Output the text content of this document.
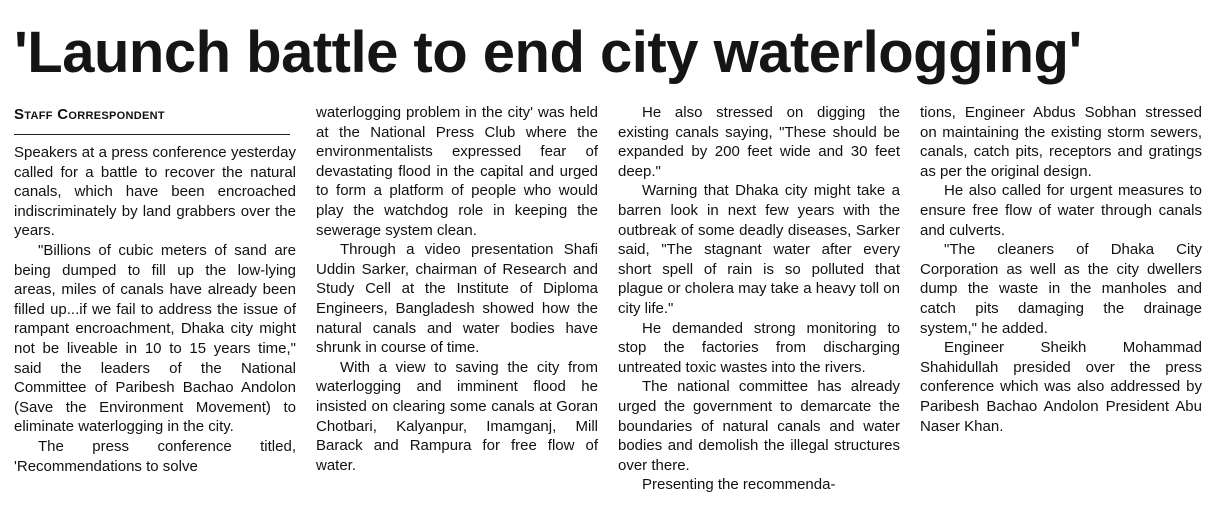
'Launch battle to end city waterlogging'
Staff Correspondent

Speakers at a press conference yesterday called for a battle to recover the natural canals, which have been encroached indiscriminately by land grabbers over the years.

"Billions of cubic meters of sand are being dumped to fill up the low-lying areas, miles of canals have already been filled up...if we fail to address the issue of rampant encroachment, Dhaka city might not be liveable in 10 to 15 years time," said the leaders of the National Committee of Paribesh Bachao Andolon (Save the Environment Movement) to eliminate waterlogging in the city.

The press conference titled, 'Recommendations to solve

waterlogging problem in the city' was held at the National Press Club where the environmentalists expressed fear of devastating flood in the capital and urged to form a platform of people who would play the watchdog role in keeping the sewerage system clean.

Through a video presentation Shafi Uddin Sarker, chairman of Research and Study Cell at the Institute of Diploma Engineers, Bangladesh showed how the natural canals and water bodies have shrunk in course of time.

With a view to saving the city from waterlogging and imminent flood he insisted on clearing some canals at Goran Chotbari, Kalyanpur, Imamganj, Mill Barack and Rampura for free flow of water.

He also stressed on digging the existing canals saying, "These should be expanded by 200 feet wide and 30 feet deep."

Warning that Dhaka city might take a barren look in next few years with the outbreak of some deadly diseases, Sarker said, "The stagnant water after every short spell of rain is so polluted that plague or cholera may take a heavy toll on city life."

He demanded strong monitoring to stop the factories from discharging untreated toxic wastes into the rivers.

The national committee has already urged the government to demarcate the boundaries of natural canals and water bodies and demolish the illegal structures over there.

Presenting the recommenda-

tions, Engineer Abdus Sobhan stressed on maintaining the existing storm sewers, canals, catch pits, receptors and gratings as per the original design.

He also called for urgent measures to ensure free flow of water through canals and culverts.

"The cleaners of Dhaka City Corporation as well as the city dwellers dump the waste in the manholes and catch pits damaging the drainage system," he added.

Engineer Sheikh Mohammad Shahidullah presided over the press conference which was also addressed by Paribesh Bachao Andolon President Abu Naser Khan.
